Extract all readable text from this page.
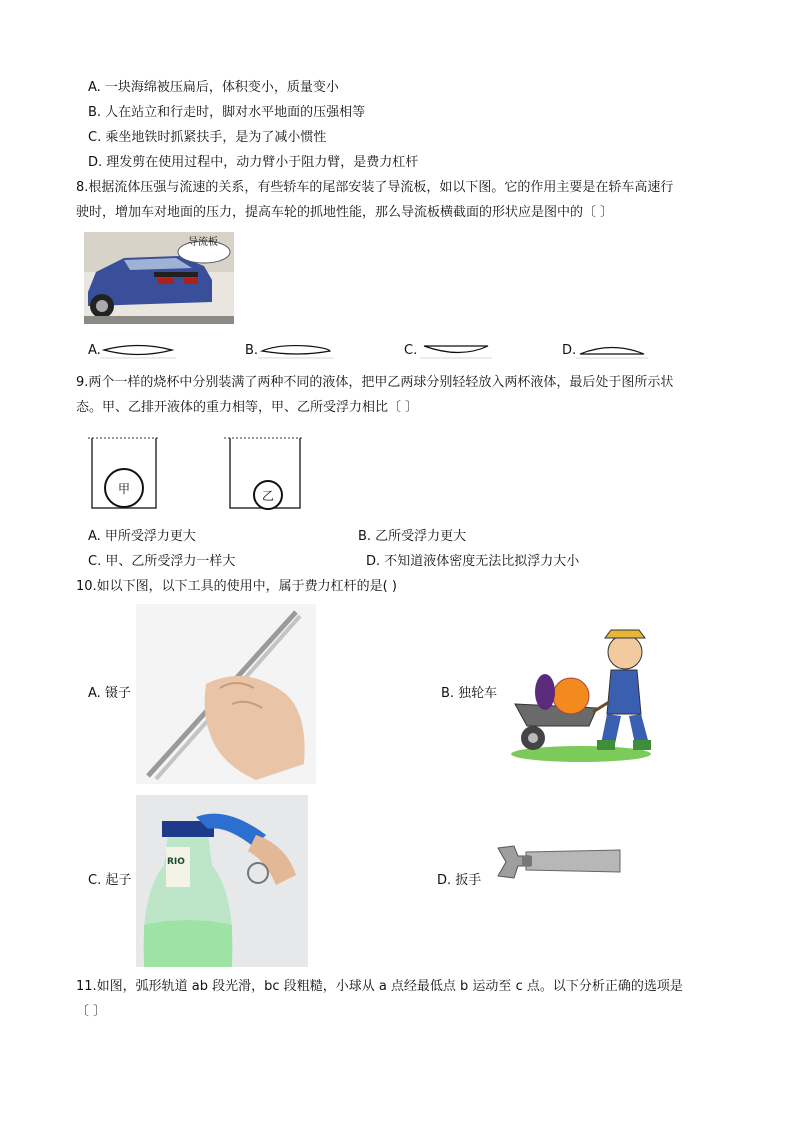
A. 一块海绵被压扁后，体积变小，质量变小
B. 人在站立和行走时，脚对水平地面的压强相等
C. 乘坐地铁时抓紧扶手，是为了减小惯性
D. 理发剪在使用过程中，动力臂小于阻力臂，是费力杠杆
8.根据流体压强与流速的关系，有些轿车的尾部安装了导流板，如以下图。它的作用主要是在轿车高速行
驶时，增加车对地面的压力，提高车轮的抓地性能，那么导流板横截面的形状应是图中的〔 〕
导流板
A.	B.	C.	D.
9.两个一样的烧杯中分别装满了两种不同的液体，把甲乙两球分别轻轻放入两杯液体，最后处于图所示状
态。甲、乙排开液体的重力相等，甲、乙所受浮力相比〔 〕
甲	乙
A. 甲所受浮力更大	B. 乙所受浮力更大
C. 甲、乙所受浮力一样大	D. 不知道液体密度无法比拟浮力大小
10.如以下图，以下工具的使用中，属于费力杠杆的是( )
A. 镊子	B. 独轮车
RIO
C. 起子	D. 扳手
11.如图，弧形轨道 ab 段光滑，bc 段粗糙，小球从 a 点经最低点 b 运动至 c 点。以下分析正确的选项是
〔 〕
